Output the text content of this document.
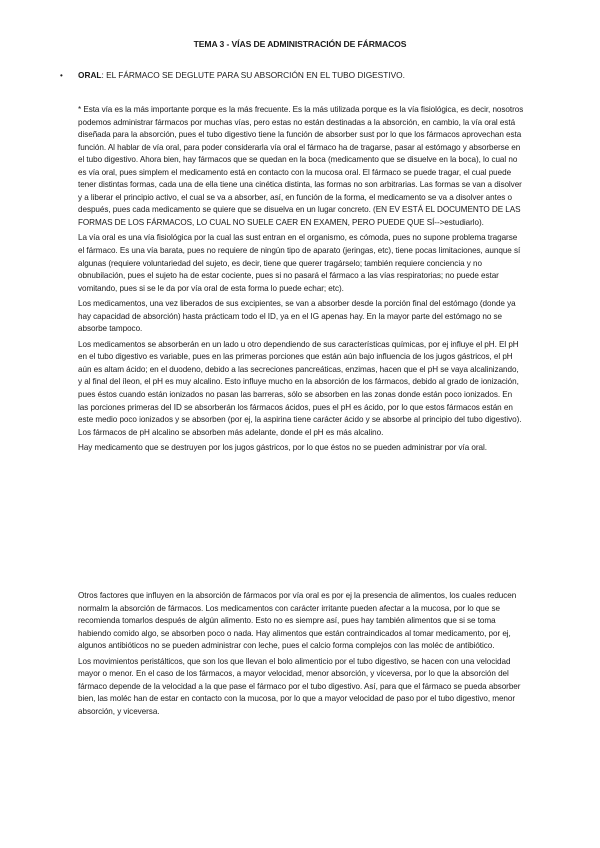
TEMA 3 - VÍAS DE ADMINISTRACIÓN DE FÁRMACOS
• ORAL: EL FÁRMACO SE DEGLUTE PARA SU ABSORCIÓN EN EL TUBO DIGESTIVO.

* Esta vía es la más importante porque es la más frecuente. Es la más utilizada porque es la vía fisiológica, es decir, nosotros podemos administrar fármacos por muchas vías, pero estas no están destinadas a la absorción, en cambio, la vía oral está diseñada para la absorción, pues el tubo digestivo tiene la función de absorber sust por lo que los fármacos aprovechan esta función. Al hablar de vía oral, para poder considerarla vía oral el fármaco ha de tragarse, pasar al estómago y absorberse en el tubo digestivo. Ahora bien, hay fármacos que se quedan en la boca (medicamento que se disuelve en la boca), lo cual no es vía oral, pues simplem el medicamento está en contacto con la mucosa oral. El fármaco se puede tragar, el cual puede tener distintas formas, cada una de ella tiene una cinética distinta, las formas no son arbitrarias. Las formas se van a disolver y a liberar el principio activo, el cual se va a absorber, así, en función de la forma, el medicamento se va a disolver antes o después, pues cada medicamento se quiere que se disuelva en un lugar concreto. (EN EV ESTÁ EL DOCUMENTO DE LAS FORMAS DE LOS FÁRMACOS, LO CUAL NO SUELE CAER EN EXAMEN, PERO PUEDE QUE SÍ-->estudiarlo).

La vía oral es una vía fisiológica por la cual las sust entran en el organismo, es cómoda, pues no supone problema tragarse el fármaco. Es una vía barata, pues no requiere de ningún tipo de aparato (jeringas, etc), tiene pocas limitaciones, aunque sí algunas (requiere voluntariedad del sujeto, es decir, tiene que querer tragárselo; también requiere conciencia y no obnubilación, pues el sujeto ha de estar cociente, pues si no pasará el fármaco a las vías respiratorias; no puede estar vomitando, pues si se le da por vía oral de esta forma lo puede echar; etc).

Los medicamentos, una vez liberados de sus excipientes, se van a absorber desde la porción final del estómago (donde ya hay capacidad de absorción) hasta prácticam todo el ID, ya en el IG apenas hay. En la mayor parte del estómago no se absorbe tampoco.

Los medicamentos se absorberán en un lado u otro dependiendo de sus características químicas, por ej influye el pH. El pH en el tubo digestivo es variable, pues en las primeras porciones que están aún bajo influencia de los jugos gástricos, el pH aún es altam ácido; en el duodeno, debido a las secreciones pancreáticas, enzimas, hacen que el pH se vaya alcalinizando, y al final del íleon, el pH es muy alcalino. Esto influye mucho en la absorción de los fármacos, debido al grado de ionización, pues éstos cuando están ionizados no pasan las barreras, sólo se absorben en las zonas donde están poco ionizados. En las porciones primeras del ID se absorberán los fármacos ácidos, pues el pH es ácido, por lo que estos fármacos están en este medio poco ionizados y se absorben (por ej, la aspirina tiene carácter ácido y se absorbe al principio del tubo digestivo). Los fármacos de pH alcalino se absorben más adelante, donde el pH es más alcalino.

Hay medicamento que se destruyen por los jugos gástricos, por lo que éstos no se pueden administrar por vía oral.

Otros factores que influyen en la absorción de fármacos por vía oral es por ej la presencia de alimentos, los cuales reducen normalm la absorción de fármacos. Los medicamentos con carácter irritante pueden afectar a la mucosa, por lo que se recomienda tomarlos después de algún alimento. Esto no es siempre así, pues hay también alimentos que si se toma habiendo comido algo, se absorben poco o nada. Hay alimentos que están contraindicados al tomar medicamento, por ej, algunos antibióticos no se pueden administrar con leche, pues el calcio forma complejos con las moléc de antibiótico.

Los movimientos peristálticos, que son los que llevan el bolo alimenticio por el tubo digestivo, se hacen con una velocidad mayor o menor. En el caso de los fármacos, a mayor velocidad, menor absorción, y viceversa, por lo que la absorción del fármaco depende de la velocidad a la que pase el fármaco por el tubo digestivo. Así, para que el fármaco se pueda absorber bien, las moléc han de estar en contacto con la mucosa, por lo que a mayor velocidad de paso por el tubo digestivo, menor absorción, y viceversa.
